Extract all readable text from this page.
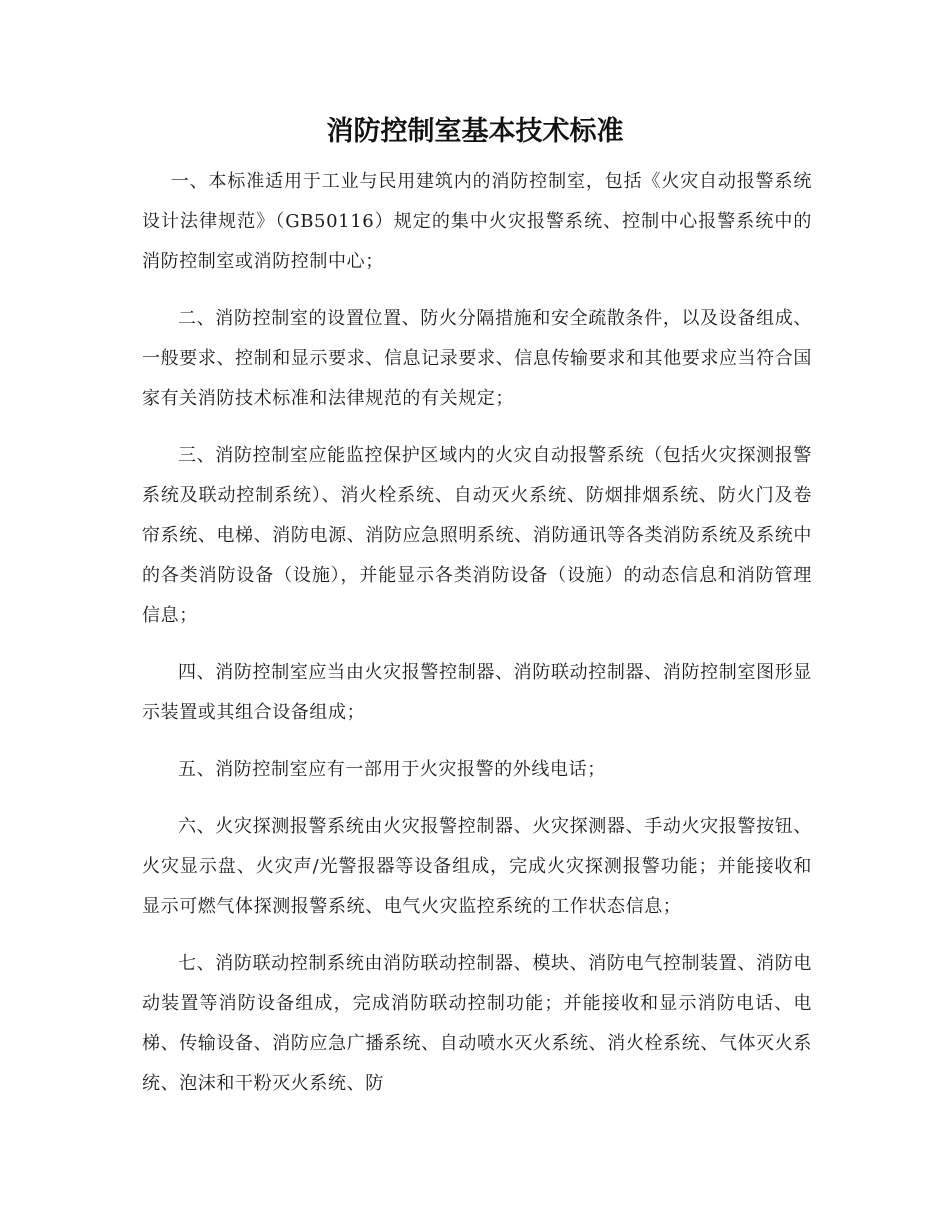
消防控制室基本技术标准

一、本标准适用于工业与民用建筑内的消防控制室，包括《火灾自动报警系统设计法律规范》（GB50116）规定的集中火灾报警系统、控制中心报警系统中的消防控制室或消防控制中心；

二、消防控制室的设置位置、防火分隔措施和安全疏散条件，以及设备组成、一般要求、控制和显示要求、信息记录要求、信息传输要求和其他要求应当符合国家有关消防技术标准和法律规范的有关规定；

三、消防控制室应能监控保护区域内的火灾自动报警系统（包括火灾探测报警系统及联动控制系统）、消火栓系统、自动灭火系统、防烟排烟系统、防火门及卷帘系统、电梯、消防电源、消防应急照明系统、消防通讯等各类消防系统及系统中的各类消防设备（设施），并能显示各类消防设备（设施）的动态信息和消防管理信息；

四、消防控制室应当由火灾报警控制器、消防联动控制器、消防控制室图形显示装置或其组合设备组成；

五、消防控制室应有一部用于火灾报警的外线电话；

六、火灾探测报警系统由火灾报警控制器、火灾探测器、手动火灾报警按钮、火灾显示盘、火灾声/光警报器等设备组成，完成火灾探测报警功能；并能接收和显示可燃气体探测报警系统、电气火灾监控系统的工作状态信息；

七、消防联动控制系统由消防联动控制器、模块、消防电气控制装置、消防电动装置等消防设备组成，完成消防联动控制功能；并能接收和显示消防电话、电梯、传输设备、消防应急广播系统、自动喷水灭火系统、消火栓系统、气体灭火系统、泡沫和干粉灭火系统、防
